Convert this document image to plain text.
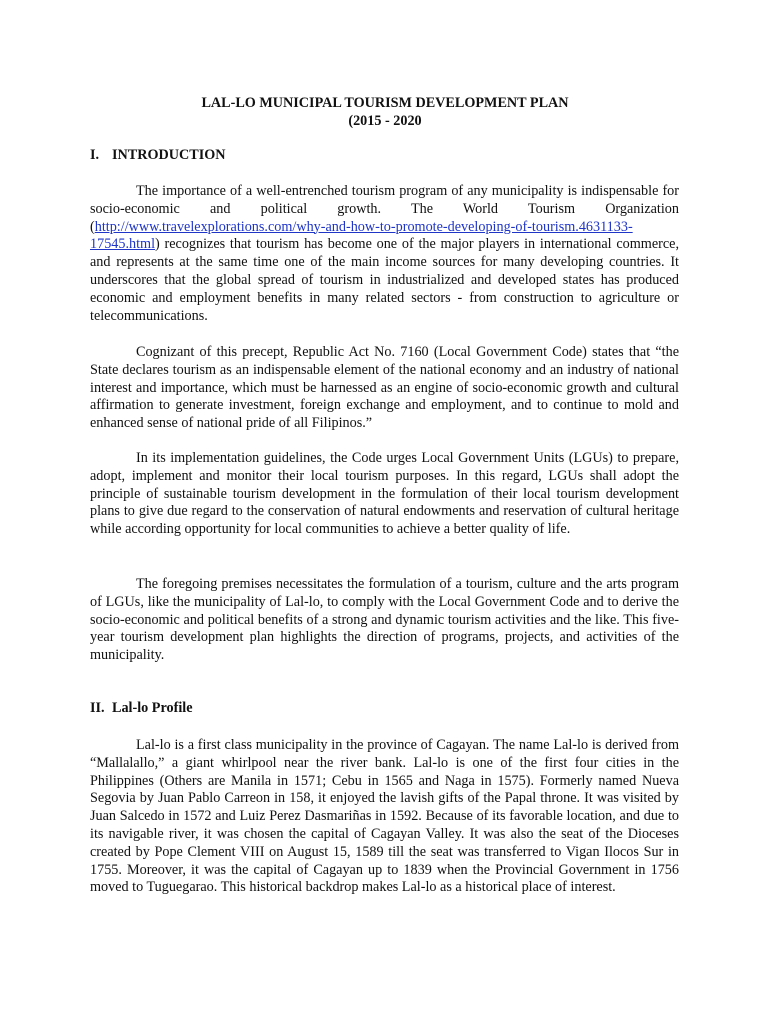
LAL-LO MUNICIPAL TOURISM DEVELOPMENT PLAN
(2015 - 2020
I. INTRODUCTION

The importance of a well-entrenched tourism program of any municipality is indispensable for socio-economic and political growth. The World Tourism Organization (http://www.travelexplorations.com/why-and-how-to-promote-developing-of-tourism.4631133-17545.html) recognizes that tourism has become one of the major players in international commerce, and represents at the same time one of the main income sources for many developing countries. It underscores that the global spread of tourism in industrialized and developed states has produced economic and employment benefits in many related sectors - from construction to agriculture or telecommunications.

Cognizant of this precept, Republic Act No. 7160 (Local Government Code) states that “the State declares tourism as an indispensable element of the national economy and an industry of national interest and importance, which must be harnessed as an engine of socio-economic growth and cultural affirmation to generate investment, foreign exchange and employment, and to continue to mold and enhanced sense of national pride of all Filipinos.”

In its implementation guidelines, the Code urges Local Government Units (LGUs) to prepare, adopt, implement and monitor their local tourism purposes. In this regard, LGUs shall adopt the principle of sustainable tourism development in the formulation of their local tourism development plans to give due regard to the conservation of natural endowments and reservation of cultural heritage while according opportunity for local communities to achieve a better quality of life.

The foregoing premises necessitates the formulation of a tourism, culture and the arts program of LGUs, like the municipality of Lal-lo, to comply with the Local Government Code and to derive the socio-economic and political benefits of a strong and dynamic tourism activities and the like. This five-year tourism development plan highlights the direction of programs, projects, and activities of the municipality.

II. Lal-lo Profile

Lal-lo is a first class municipality in the province of Cagayan. The name Lal-lo is derived from “Mallalallo,” a giant whirlpool near the river bank. Lal-lo is one of the first four cities in the Philippines (Others are Manila in 1571; Cebu in 1565 and Naga in 1575). Formerly named Nueva Segovia by Juan Pablo Carreon in 158, it enjoyed the lavish gifts of the Papal throne. It was visited by Juan Salcedo in 1572 and Luiz Perez Dasmariñas in 1592. Because of its favorable location, and due to its navigable river, it was chosen the capital of Cagayan Valley. It was also the seat of the Dioceses created by Pope Clement VIII on August 15, 1589 till the seat was transferred to Vigan Ilocos Sur in 1755. Moreover, it was the capital of Cagayan up to 1839 when the Provincial Government in 1756 moved to Tuguegarao. This historical backdrop makes Lal-lo as a historical place of interest.
